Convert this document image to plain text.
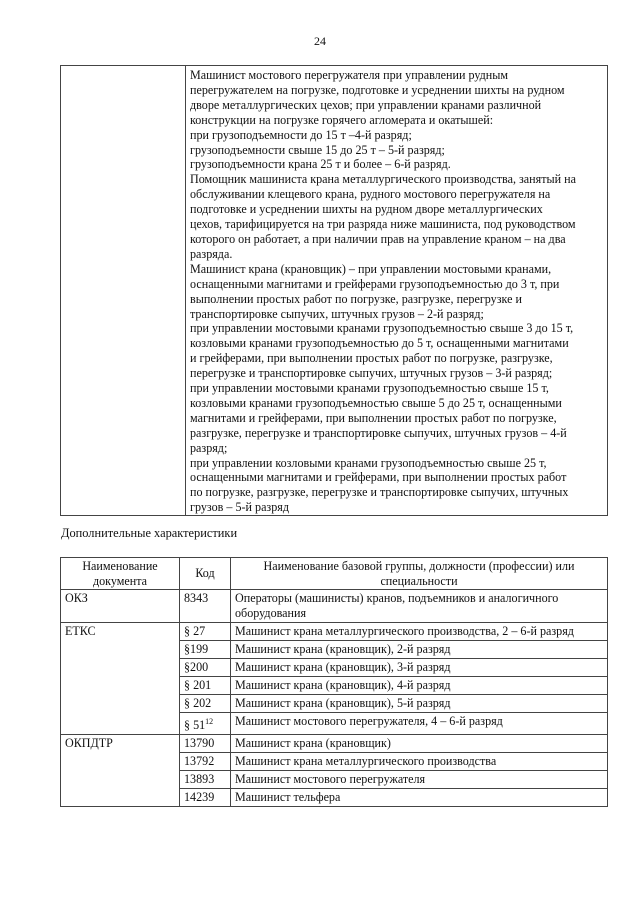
24

Машинист мостового перегружателя при управлении рудным
перегружателем на погрузке, подготовке и усреднении шихты на рудном
дворе металлургических цехов; при управлении кранами различной
конструкции на погрузке горячего агломерата и окатышей:
при грузоподъемности до 15 т –4-й разряд;
грузоподъемности свыше 15 до 25 т – 5-й разряд;
грузоподъемности крана 25 т и более – 6-й разряд.
Помощник машиниста крана металлургического производства, занятый на
обслуживании клещевого крана, рудного мостового перегружателя на
подготовке и усреднении шихты на рудном дворе металлургических
цехов, тарифицируется на три разряда ниже машиниста, под руководством
которого он работает, а при наличии прав на управление краном – на два
разряда.
Машинист крана (крановщик) – при управлении мостовыми кранами,
оснащенными магнитами и грейферами грузоподъемностью до 3 т, при
выполнении простых работ по погрузке, разгрузке, перегрузке и
транспортировке сыпучих, штучных грузов – 2-й разряд;
при управлении мостовыми кранами грузоподъемностью свыше 3 до 15 т,
козловыми кранами грузоподъемностью до 5 т, оснащенными магнитами
и грейферами, при выполнении простых работ по погрузке, разгрузке,
перегрузке и транспортировке сыпучих, штучных грузов – 3-й разряд;
при управлении мостовыми кранами грузоподъемностью свыше 15 т,
козловыми кранами грузоподъемностью свыше 5 до 25 т, оснащенными
магнитами и грейферами, при выполнении простых работ по погрузке,
разгрузке, перегрузке и транспортировке сыпучих, штучных грузов – 4-й
разряд;
при управлении козловыми кранами грузоподъемностью свыше 25 т,
оснащенными магнитами и грейферами, при выполнении простых работ
по погрузке, разгрузке, перегрузке и транспортировке сыпучих, штучных
грузов – 5-й разряд
Дополнительные характеристики
Наименование документа	Код	Наименование базовой группы, должности (профессии) или специальности
ОКЗ	8343	Операторы (машинисты) кранов, подъемников и аналогичного оборудования
ЕТКС	§ 27	Машинист крана металлургического производства, 2 – 6-й разряд
	§199	Машинист крана (крановщик), 2-й разряд
	§200	Машинист крана (крановщик), 3-й разряд
	§ 201	Машинист крана (крановщик), 4-й разряд
	§ 202	Машинист крана (крановщик), 5-й разряд
	§ $51^{12}$	Машинист мостового перегружателя, 4 – 6-й разряд
ОКПДТР	13790	Машинист крана (крановщик)
	13792	Машинист крана металлургического производства
	13893	Машинист мостового перегружателя
	14239	Машинист тельфера
